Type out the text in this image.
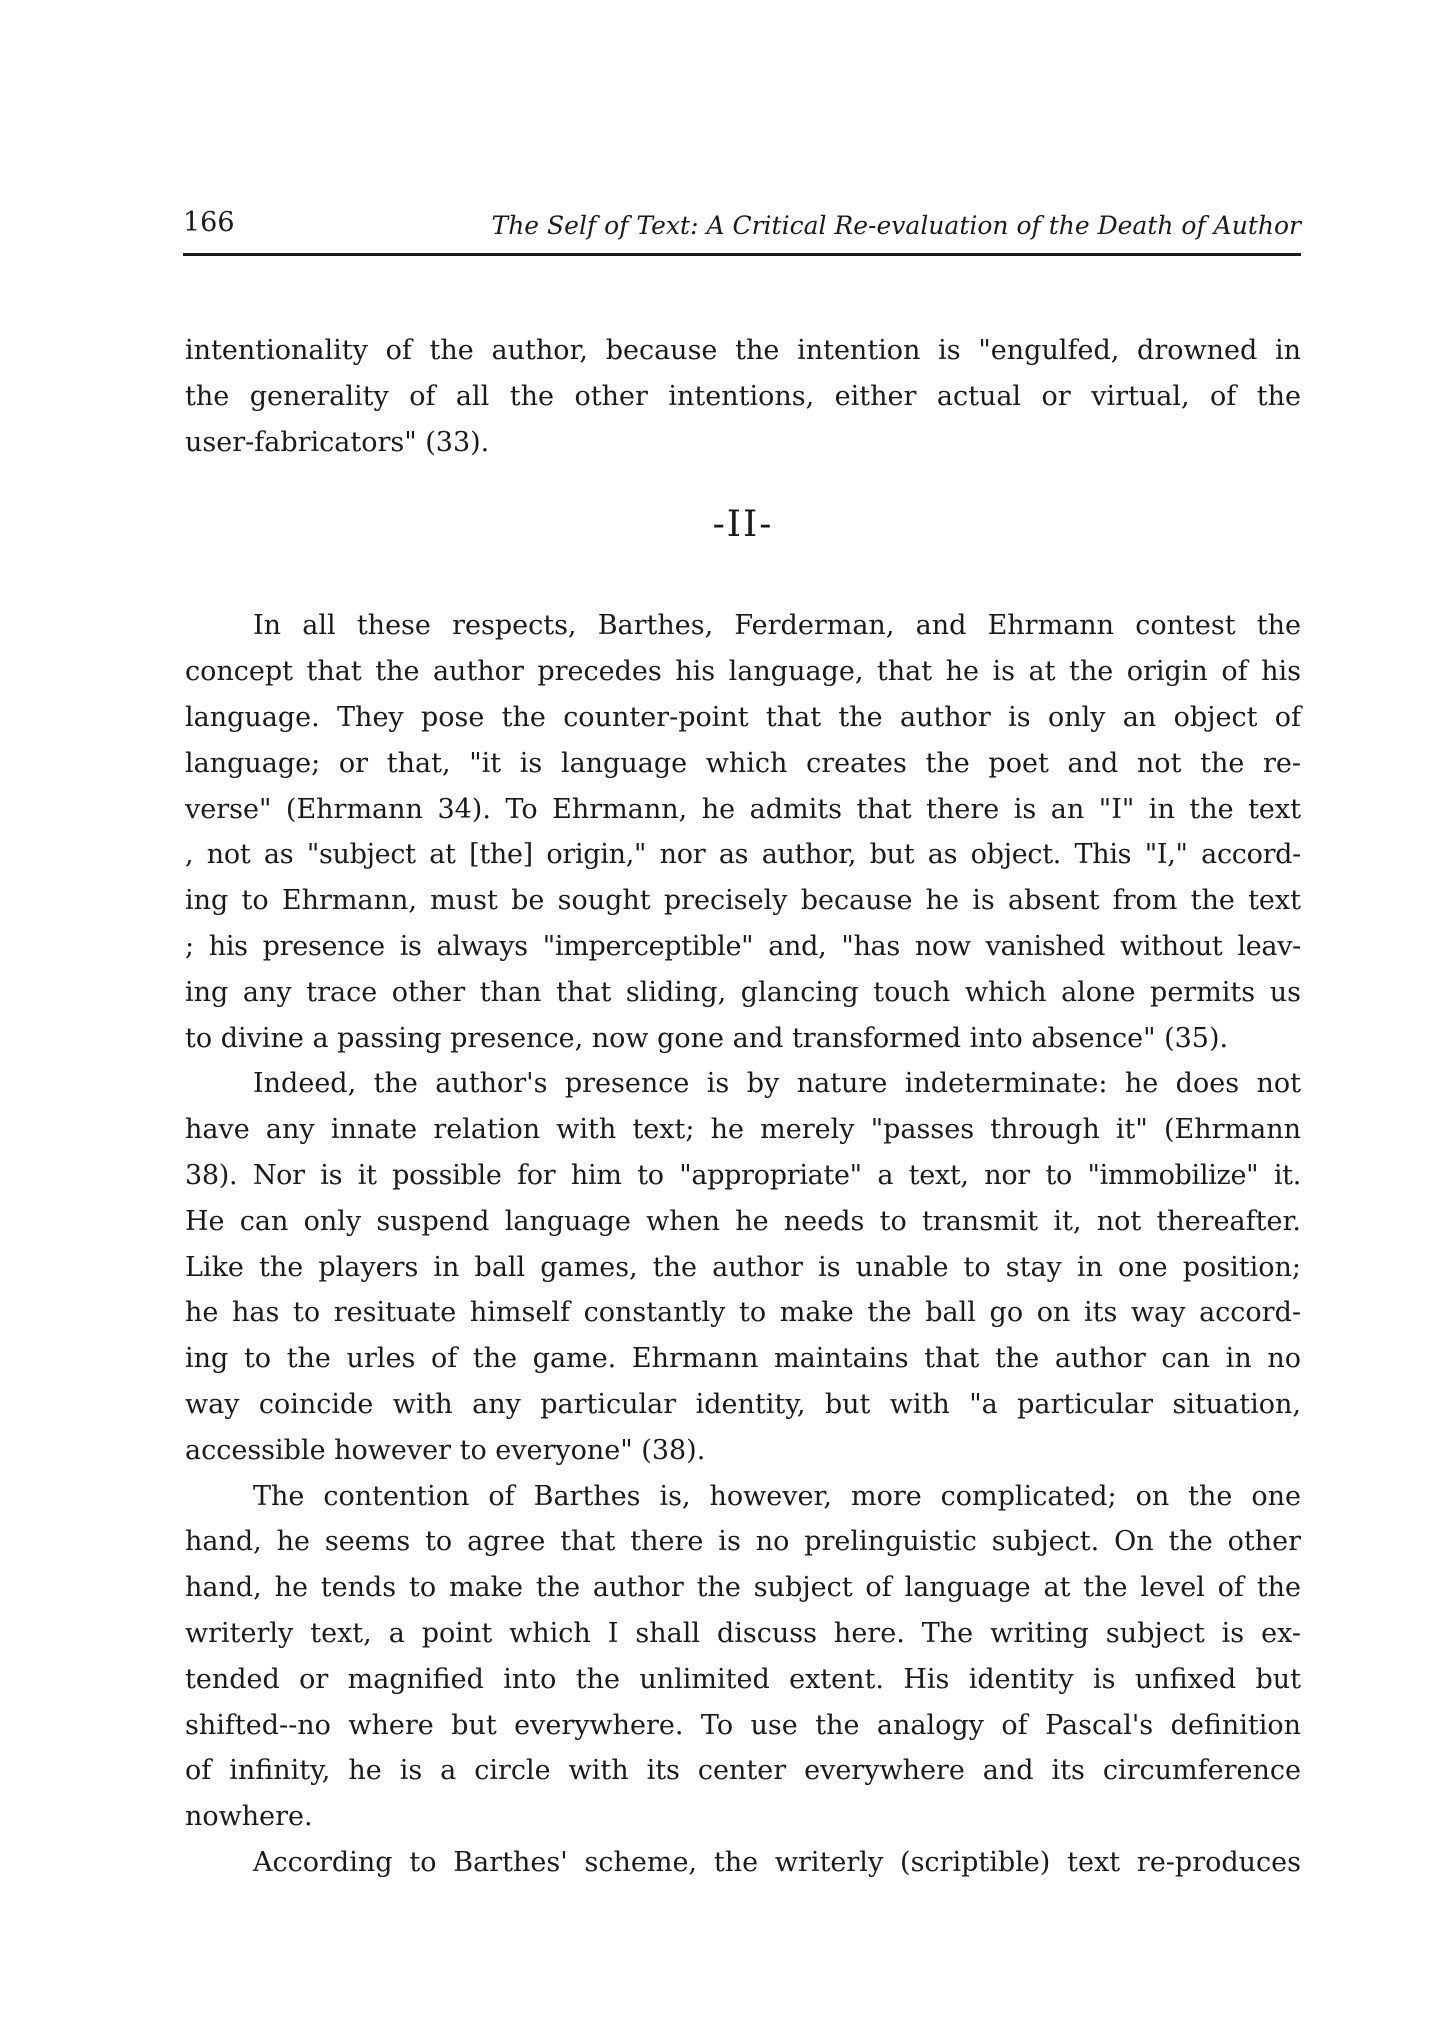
166	The Self of Text: A Critical Re-evaluation of the Death of Author
intentionality of the author, because the intention is "engulfed, drowned in
the generality of all the other intentions, either actual or virtual, of the
user-fabricators" (33).
-II-
In all these respects, Barthes, Ferderman, and Ehrmann contest the
concept that the author precedes his language, that he is at the origin of his
language. They pose the counter-point that the author is only an object of
language; or that, "it is language which creates the poet and not the re-
verse" (Ehrmann 34). To Ehrmann, he admits that there is an "I" in the text
, not as "subject at [the] origin," nor as author, but as object. This "I," accord-
ing to Ehrmann, must be sought precisely because he is absent from the text
; his presence is always "imperceptible" and, "has now vanished without leav-
ing any trace other than that sliding, glancing touch which alone permits us
to divine a passing presence, now gone and transformed into absence" (35).
Indeed, the author's presence is by nature indeterminate: he does not
have any innate relation with text; he merely "passes through it" (Ehrmann
38). Nor is it possible for him to "appropriate" a text, nor to "immobilize" it.
He can only suspend language when he needs to transmit it, not thereafter.
Like the players in ball games, the author is unable to stay in one position;
he has to resituate himself constantly to make the ball go on its way accord-
ing to the urles of the game. Ehrmann maintains that the author can in no
way coincide with any particular identity, but with "a particular situation,
accessible however to everyone" (38).
The contention of Barthes is, however, more complicated; on the one
hand, he seems to agree that there is no prelinguistic subject. On the other
hand, he tends to make the author the subject of language at the level of the
writerly text, a point which I shall discuss here. The writing subject is ex-
tended or magnified into the unlimited extent. His identity is unfixed but
shifted--no where but everywhere. To use the analogy of Pascal's definition
of infinity, he is a circle with its center everywhere and its circumference
nowhere.
According to Barthes' scheme, the writerly (scriptible) text re-produces
